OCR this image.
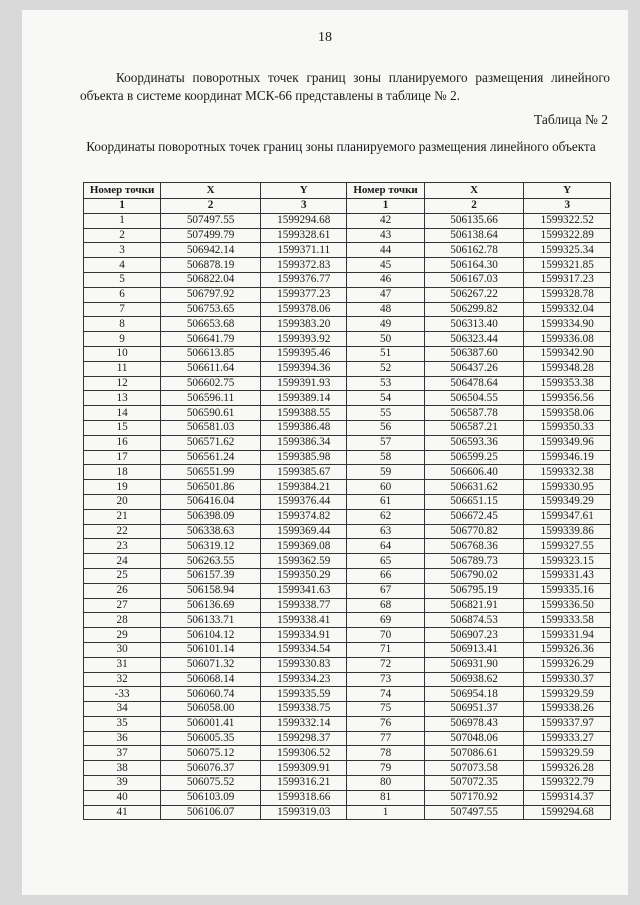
18
Координаты поворотных точек границ зоны планируемого размещения линейного объекта в системе координат МСК-66 представлены в таблице № 2.
Таблица № 2
Координаты поворотных точек границ зоны планируемого размещения линейного объекта
Номер точки	X	Y	Номер точки	X	Y
1	2	3	1	2	3
1	507497.55	1599294.68	42	506135.66	1599322.52
2	507499.79	1599328.61	43	506138.64	1599322.89
3	506942.14	1599371.11	44	506162.78	1599325.34
4	506878.19	1599372.83	45	506164.30	1599321.85
5	506822.04	1599376.77	46	506167.03	1599317.23
6	506797.92	1599377.23	47	506267.22	1599328.78
7	506753.65	1599378.06	48	506299.82	1599332.04
8	506653.68	1599383.20	49	506313.40	1599334.90
9	506641.79	1599393.92	50	506323.44	1599336.08
10	506613.85	1599395.46	51	506387.60	1599342.90
11	506611.64	1599394.36	52	506437.26	1599348.28
12	506602.75	1599391.93	53	506478.64	1599353.38
13	506596.11	1599389.14	54	506504.55	1599356.56
14	506590.61	1599388.55	55	506587.78	1599358.06
15	506581.03	1599386.48	56	506587.21	1599350.33
16	506571.62	1599386.34	57	506593.36	1599349.96
17	506561.24	1599385.98	58	506599.25	1599346.19
18	506551.99	1599385.67	59	506606.40	1599332.38
19	506501.86	1599384.21	60	506631.62	1599330.95
20	506416.04	1599376.44	61	506651.15	1599349.29
21	506398.09	1599374.82	62	506672.45	1599347.61
22	506338.63	1599369.44	63	506770.82	1599339.86
23	506319.12	1599369.08	64	506768.36	1599327.55
24	506263.55	1599362.59	65	506789.73	1599323.15
25	506157.39	1599350.29	66	506790.02	1599331.43
26	506158.94	1599341.63	67	506795.19	1599335.16
27	506136.69	1599338.77	68	506821.91	1599336.50
28	506133.71	1599338.41	69	506874.53	1599333.58
29	506104.12	1599334.91	70	506907.23	1599331.94
30	506101.14	1599334.54	71	506913.41	1599326.36
31	506071.32	1599330.83	72	506931.90	1599326.29
32	506068.14	1599334.23	73	506938.62	1599330.37
-33	506060.74	1599335.59	74	506954.18	1599329.59
34	506058.00	1599338.75	75	506951.37	1599338.26
35	506001.41	1599332.14	76	506978.43	1599337.97
36	506005.35	1599298.37	77	507048.06	1599333.27
37	506075.12	1599306.52	78	507086.61	1599329.59
38	506076.37	1599309.91	79	507073.58	1599326.28
39	506075.52	1599316.21	80	507072.35	1599322.79
40	506103.09	1599318.66	81	507170.92	1599314.37
41	506106.07	1599319.03	1	507497.55	1599294.68
